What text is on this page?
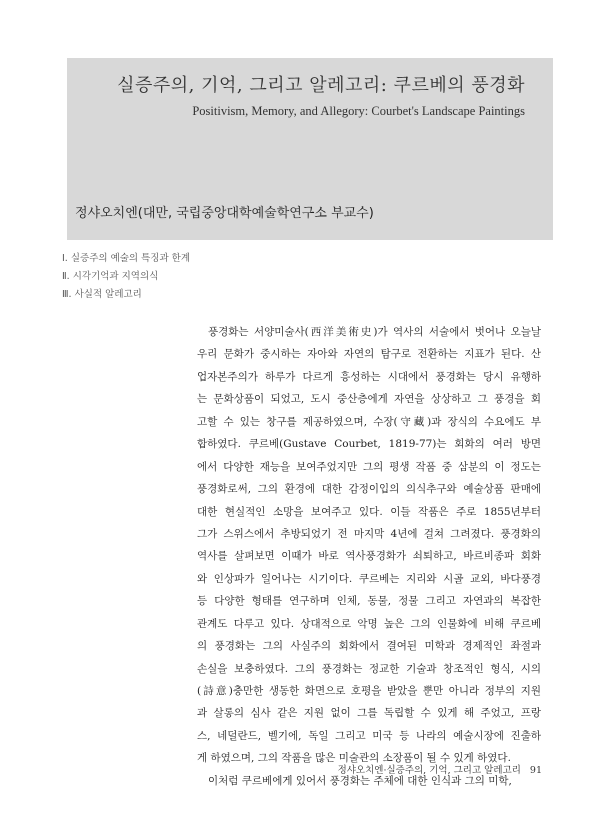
실증주의, 기억, 그리고 알레고리: 쿠르베의 풍경화
Positivism, Memory, and Allegory: Courbet's Landscape Paintings
정샤오치엔(대만, 국립중앙대학예술학연구소 부교수)
Ⅰ. 실증주의 예술의 특징과 한계
Ⅱ. 시각기억과 지역의식
Ⅲ. 사실적 알레고리
풍경화는 서양미술사(西洋美術史)가 역사의 서술에서 벗어나 오늘날
우리 문화가 중시하는 자아와 자연의 탐구로 전환하는 지표가 된다. 산
업자본주의가 하루가 다르게 흥성하는 시대에서 풍경화는 당시 유행하
는 문화상품이 되었고, 도시 중산층에게 자연을 상상하고 그 풍경을 회
고할 수 있는 창구를 제공하였으며, 수장(守藏)과 장식의 수요에도 부
합하였다. 쿠르베(Gustave Courbet, 1819-77)는 회화의 여러 방면
에서 다양한 재능을 보여주었지만 그의 평생 작품 중 삼분의 이 정도는
풍경화로써, 그의 환경에 대한 감정이입의 의식추구와 예술상품 판매에
대한 현실적인 소망을 보여주고 있다. 이들 작품은 주로 1855년부터
그가 스위스에서 추방되었기 전 마지막 4년에 걸쳐 그려졌다. 풍경화의
역사를 살펴보면 이때가 바로 역사풍경화가 쇠퇴하고, 바르비종파 회화
와 인상파가 일어나는 시기이다. 쿠르베는 지리와 시골 교외, 바다풍경
등 다양한 형태를 연구하며 인체, 동물, 정물 그리고 자연과의 복잡한
관계도 다루고 있다. 상대적으로 악명 높은 그의 인물화에 비해 쿠르베
의 풍경화는 그의 사실주의 회화에서 결여된 미학과 경제적인 좌절과
손실을 보충하였다. 그의 풍경화는 정교한 기술과 창조적인 형식, 시의
(詩意)충만한 생동한 화면으로 호평을 받았을 뿐만 아니라 정부의 지원
과 살롱의 심사 같은 지원 없이 그를 독립할 수 있게 해 주었고, 프랑
스, 네덜란드, 벨기에, 독일 그리고 미국 등 나라의 예술시장에 진출하
게 하였으며, 그의 작품을 많은 미술관의 소장품이 될 수 있게 하였다.
이처럼 쿠르베에게 있어서 풍경화는 주체에 대한 인식과 그의 미학,
정샤오치엔·실증주의, 기억, 그리고 알레고리 91
